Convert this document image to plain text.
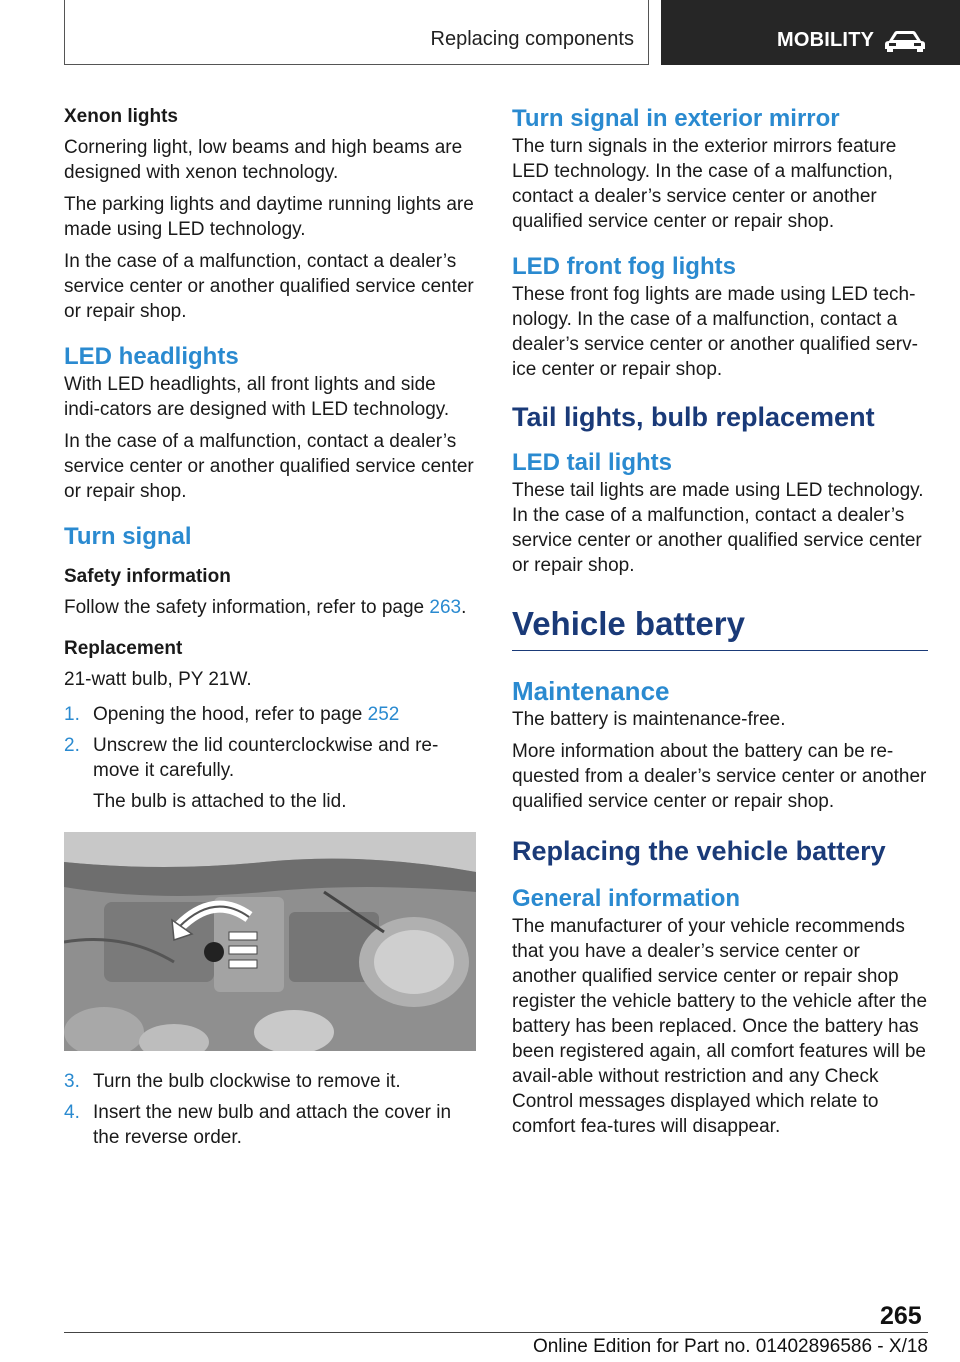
Replacing components	MOBILITY
Xenon lights

Cornering light, low beams and high beams are designed with xenon technology.

The parking lights and daytime running lights are made using LED technology.

In the case of a malfunction, contact a dealer’s service center or another qualified service center or repair shop.

LED headlights

With LED headlights, all front lights and side indi-cators are designed with LED technology.

In the case of a malfunction, contact a dealer’s service center or another qualified service center or repair shop.

Turn signal
Safety information

Follow the safety information, refer to page 263.

Replacement

21-watt bulb, PY 21W.

1. Opening the hood, refer to page 252
2. Unscrew the lid counterclockwise and re-move it carefully.
The bulb is attached to the lid.
3. Turn the bulb clockwise to remove it.
4. Insert the new bulb and attach the cover in the reverse order.
Turn signal in exterior mirror

The turn signals in the exterior mirrors feature LED technology. In the case of a malfunction, contact a dealer’s service center or another qualified service center or repair shop.

LED front fog lights

These front fog lights are made using LED tech-nology. In the case of a malfunction, contact a dealer’s service center or another qualified serv-ice center or repair shop.

Tail lights, bulb replacement
LED tail lights

These tail lights are made using LED technology. In the case of a malfunction, contact a dealer’s service center or another qualified service center or repair shop.

Vehicle battery
Maintenance

The battery is maintenance-free.

More information about the battery can be re-quested from a dealer’s service center or another qualified service center or repair shop.

Replacing the vehicle battery
General information

The manufacturer of your vehicle recommends that you have a dealer’s service center or another qualified service center or repair shop register the vehicle battery to the vehicle after the battery has been replaced. Once the battery has been registered again, all comfort features will be avail-able without restriction and any Check Control messages displayed which relate to comfort fea-tures will disappear.

265
Online Edition for Part no. 01402896586 - X/18
